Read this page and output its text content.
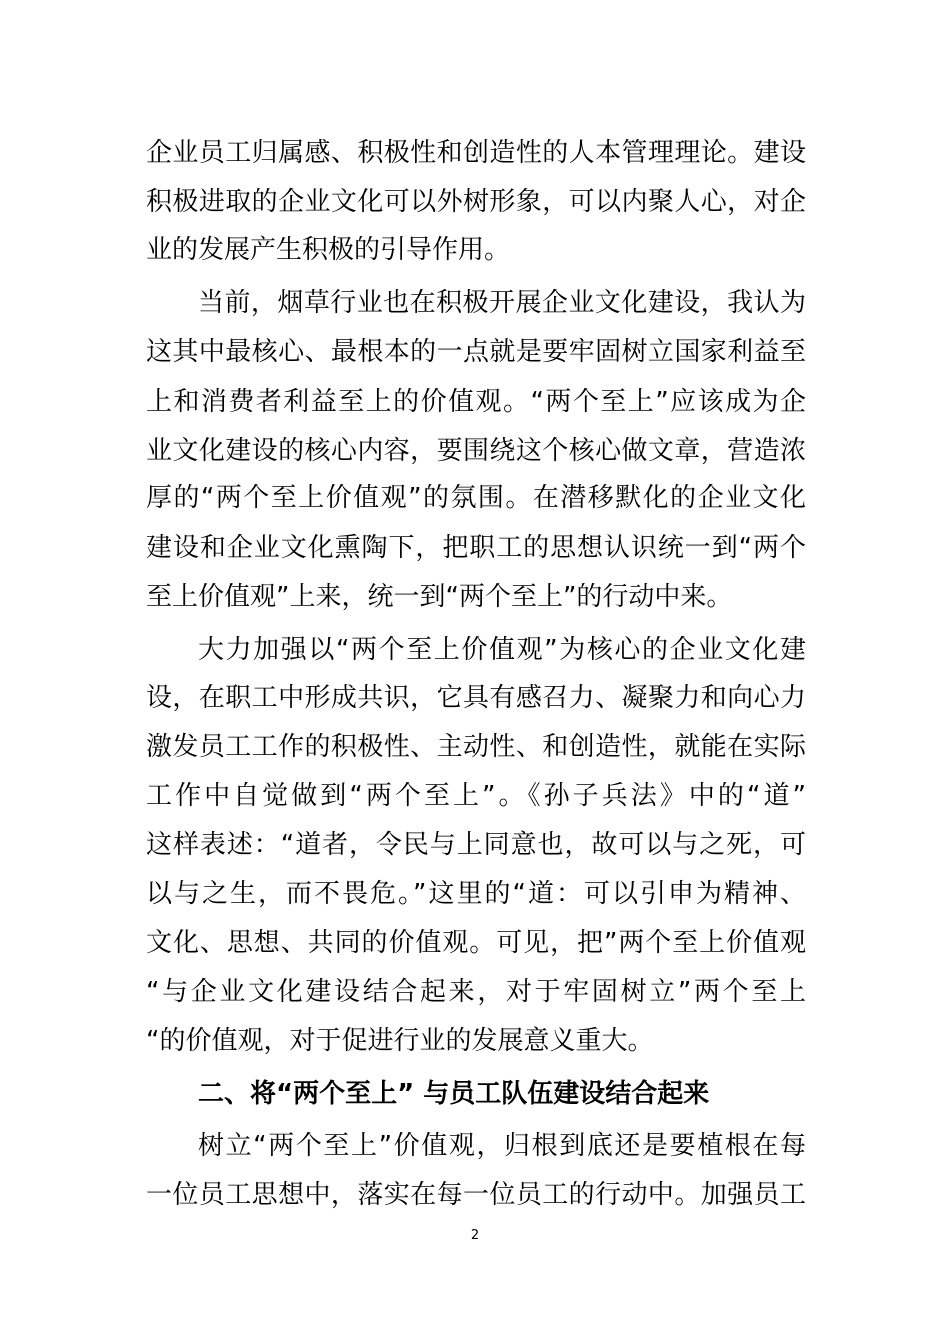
企业员工归属感、积极性和创造性的人本管理理论。建设
积极进取的企业文化可以外树形象，可以内聚人心，对企
业的发展产生积极的引导作用。
当前，烟草行业也在积极开展企业文化建设，我认为
这其中最核心、最根本的一点就是要牢固树立国家利益至
上和消费者利益至上的价值观。“两个至上”应该成为企
业文化建设的核心内容，要围绕这个核心做文章，营造浓
厚的“两个至上价值观”的氛围。在潜移默化的企业文化
建设和企业文化熏陶下，把职工的思想认识统一到“两个
至上价值观”上来，统一到“两个至上”的行动中来。
大力加强以“两个至上价值观”为核心的企业文化建
设，在职工中形成共识，它具有感召力、凝聚力和向心力
激发员工工作的积极性、主动性、和创造性，就能在实际
工作中自觉做到“两个至上”。《孙子兵法》中的“道”
这样表述：“道者，令民与上同意也，故可以与之死，可
以与之生，而不畏危。”这里的“道：可以引申为精神、
文化、思想、共同的价值观。可见，把”两个至上价值观
“与企业文化建设结合起来，对于牢固树立”两个至上
“的价值观，对于促进行业的发展意义重大。
二、将“两个至上” 与员工队伍建设结合起来
树立“两个至上”价值观，归根到底还是要植根在每
一位员工思想中，落实在每一位员工的行动中。加强员工
2
